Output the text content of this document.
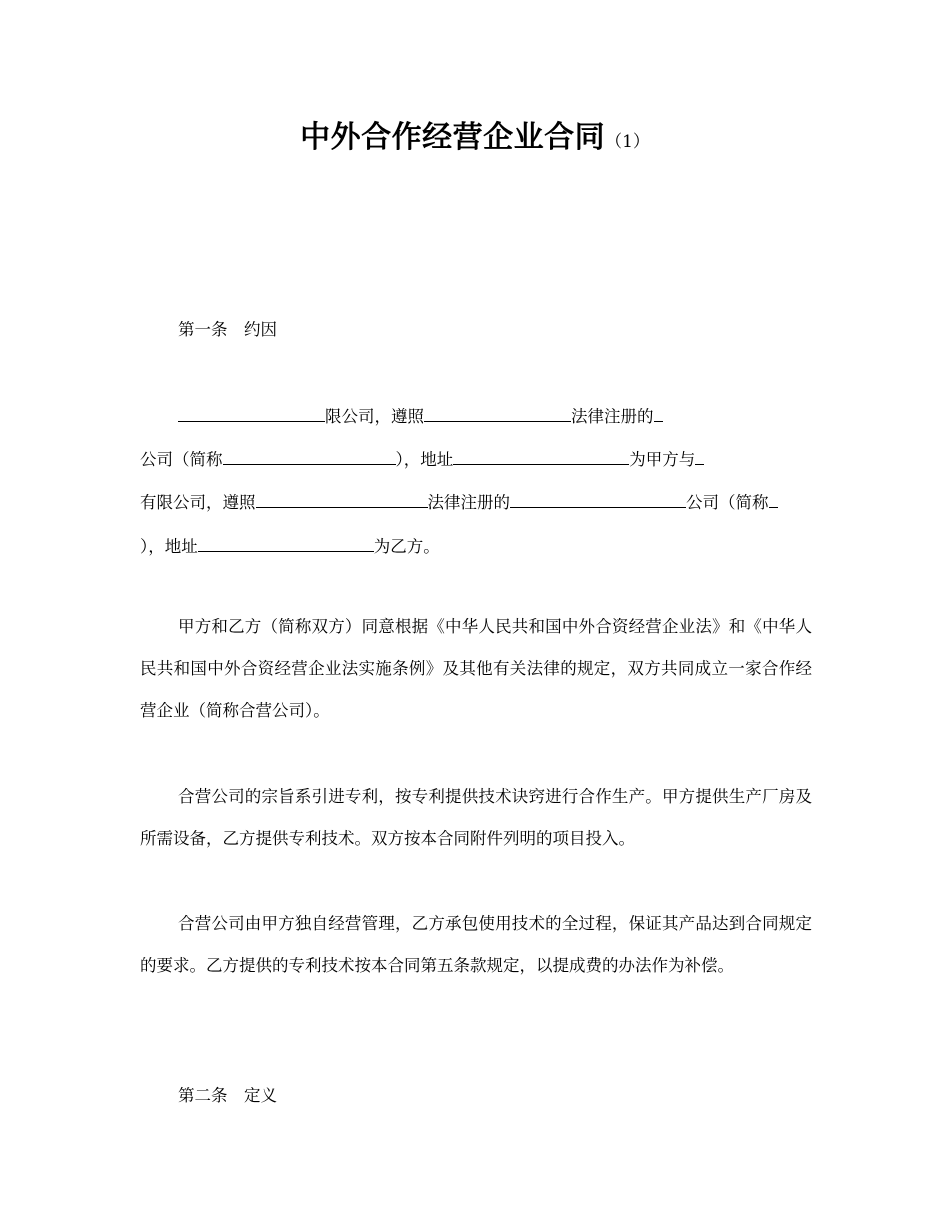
中外合作经营企业合同（1）
第一条　约因
限公司，遵照	法律注册的
公司（简称	），地址	为甲方与
有限公司，遵照	法律注册的	公司（简称
），地址	为乙方。
甲方和乙方（简称双方）同意根据《中华人民共和国中外合资经营企业法》和《中华人民共和国中外合资经营企业法实施条例》及其他有关法律的规定，双方共同成立一家合作经营企业（简称合营公司）。
合营公司的宗旨系引进专利，按专利提供技术诀窍进行合作生产。甲方提供生产厂房及所需设备，乙方提供专利技术。双方按本合同附件列明的项目投入。
合营公司由甲方独自经营管理，乙方承包使用技术的全过程，保证其产品达到合同规定的要求。乙方提供的专利技术按本合同第五条款规定，以提成费的办法作为补偿。
第二条　定义
